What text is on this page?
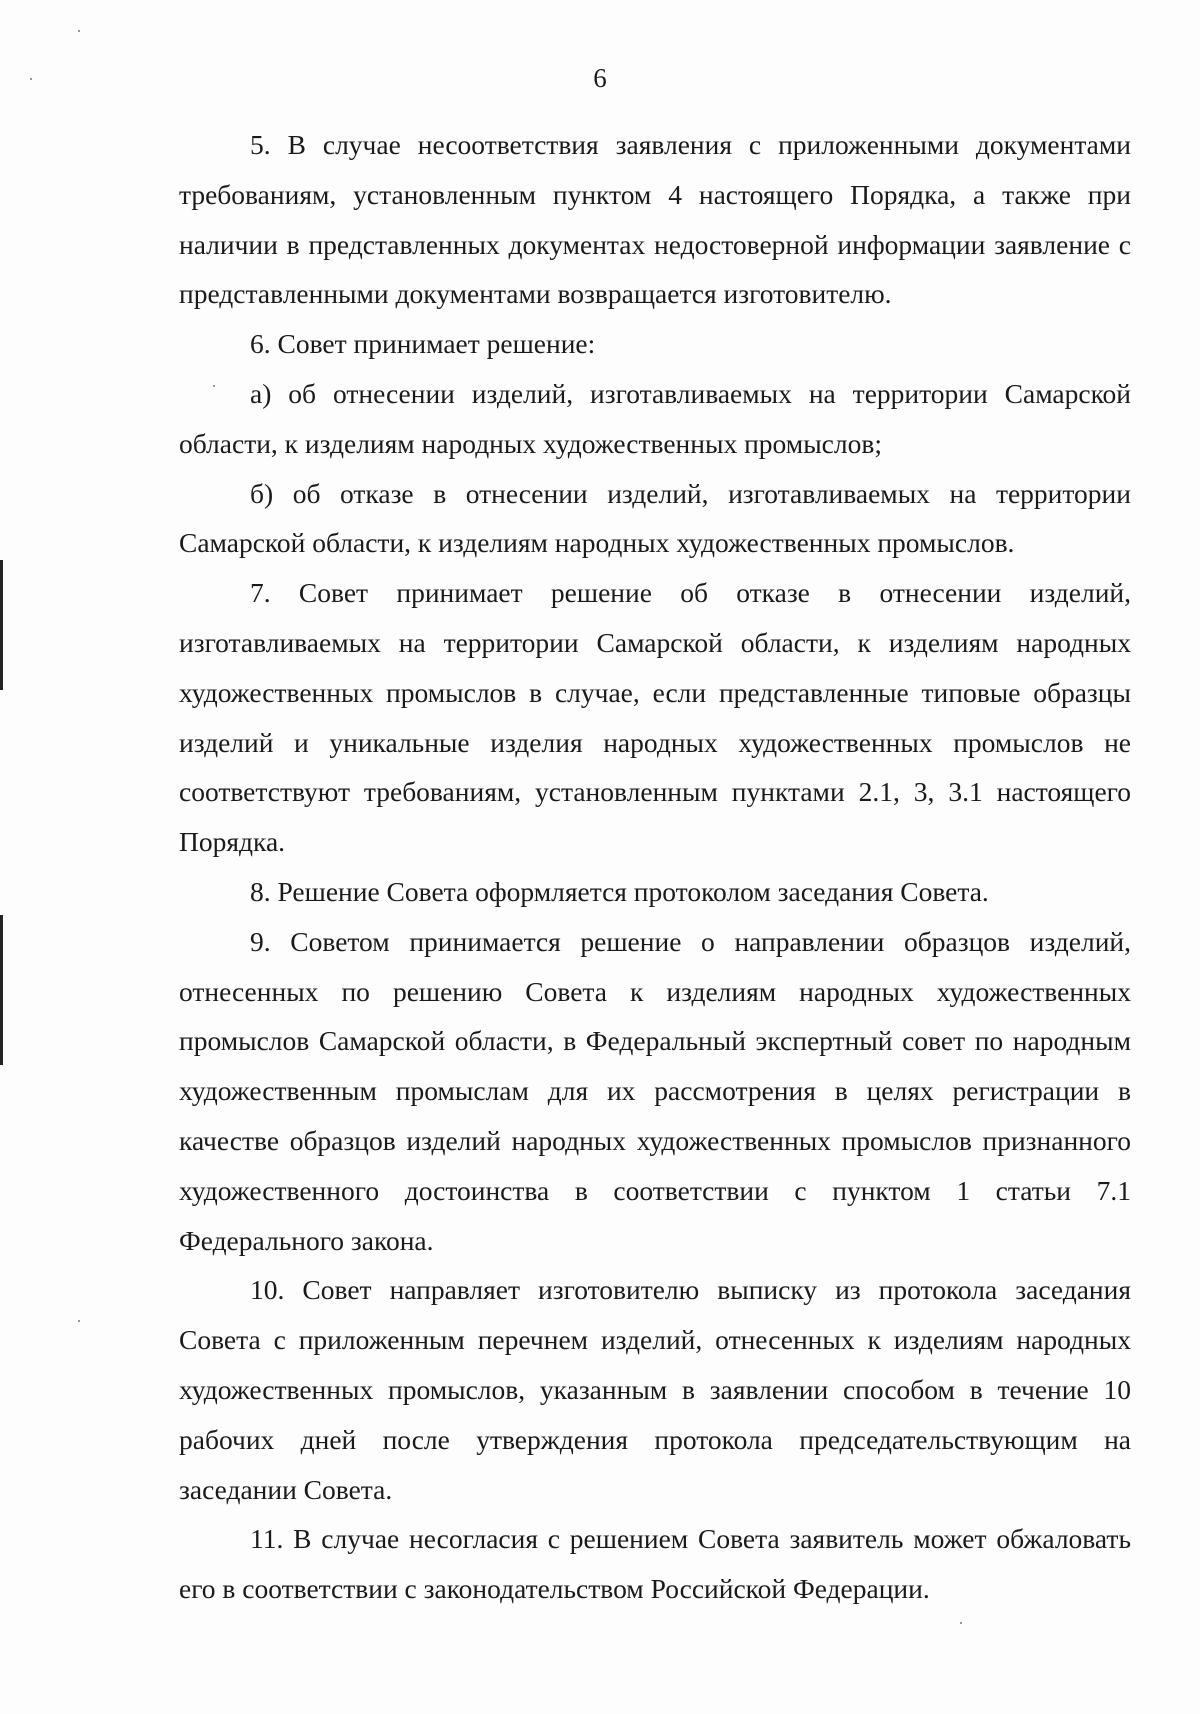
6

5. В случае несоответствия заявления с приложенными документами требованиям, установленным пунктом 4 настоящего Порядка, а также при наличии в представленных документах недостоверной информации заявление с представленными документами возвращается изготовителю.

6. Совет принимает решение:

а) об отнесении изделий, изготавливаемых на территории Самарской области, к изделиям народных художественных промыслов;

б) об отказе в отнесении изделий, изготавливаемых на территории Самарской области, к изделиям народных художественных промыслов.

7. Совет принимает решение об отказе в отнесении изделий, изготавливаемых на территории Самарской области, к изделиям народных художественных промыслов в случае, если представленные типовые образцы изделий и уникальные изделия народных художественных промыслов не соответствуют требованиям, установленным пунктами 2.1, 3, 3.1 настоящего Порядка.

8. Решение Совета оформляется протоколом заседания Совета.

9. Советом принимается решение о направлении образцов изделий, отнесенных по решению Совета к изделиям народных художественных промыслов Самарской области, в Федеральный экспертный совет по народным художественным промыслам для их рассмотрения в целях регистрации в качестве образцов изделий народных художественных промыслов признанного художественного достоинства в соответствии с пунктом 1 статьи 7.1 Федерального закона.

10. Совет направляет изготовителю выписку из протокола заседания Совета с приложенным перечнем изделий, отнесенных к изделиям народных художественных промыслов, указанным в заявлении способом в течение 10 рабочих дней после утверждения протокола председательствующим на заседании Совета.

11. В случае несогласия с решением Совета заявитель может обжаловать его в соответствии с законодательством Российской Федерации.
